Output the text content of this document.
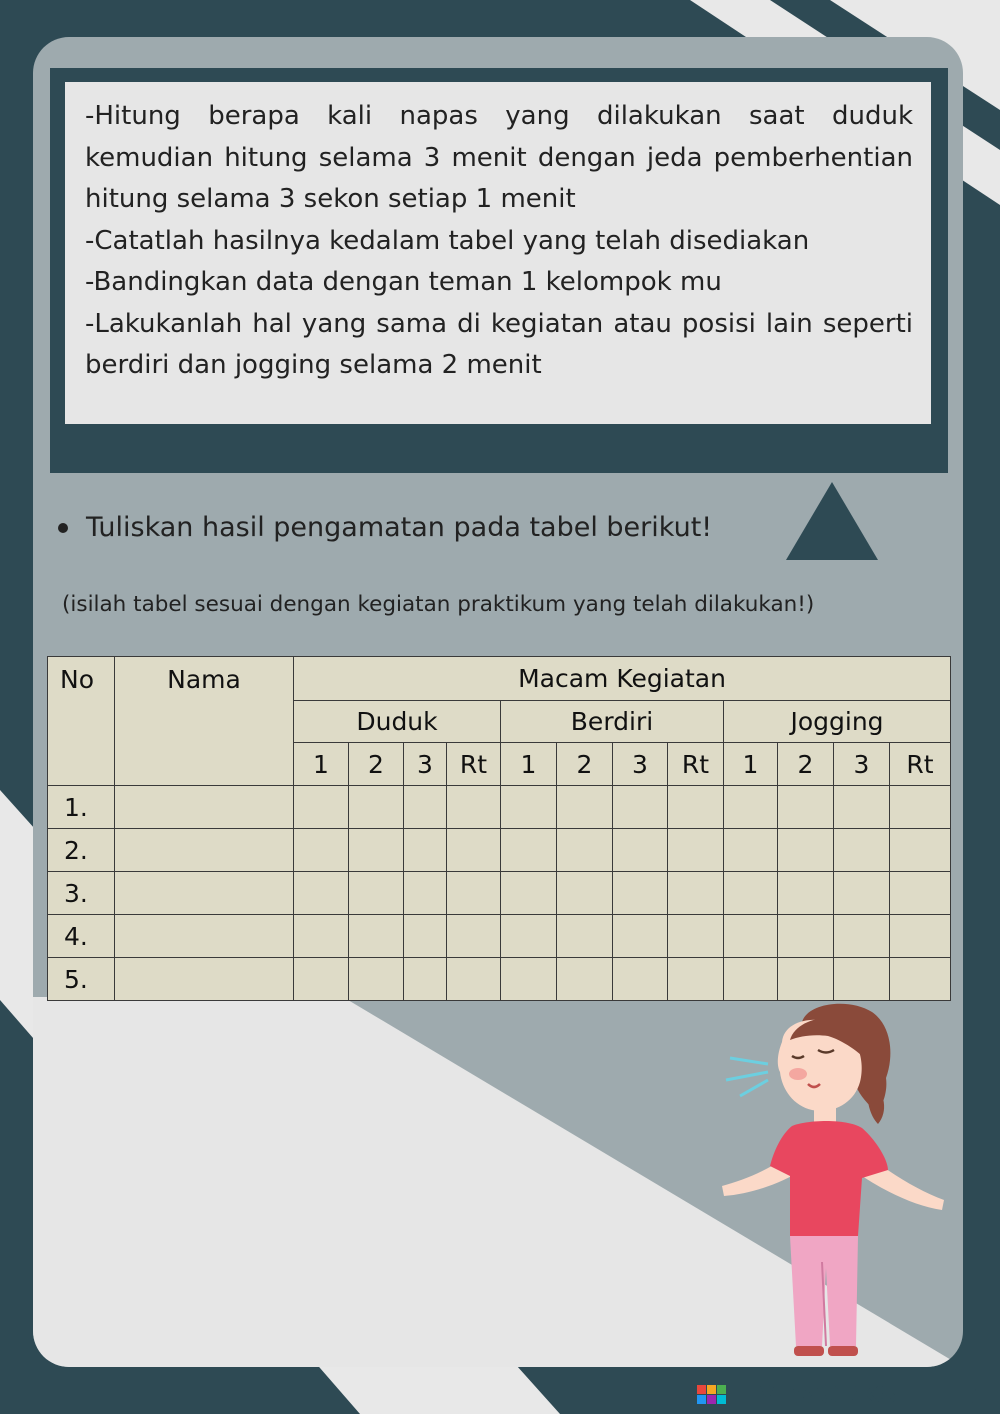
-Hitung berapa kali napas yang dilakukan saat duduk kemudian hitung selama 3 menit dengan jeda pemberhentian hitung selama 3 sekon setiap 1 menit

-Catatlah hasilnya kedalam tabel yang telah disediakan

-Bandingkan data dengan teman 1 kelompok mu

-Lakukanlah hal yang sama di kegiatan atau posisi lain seperti berdiri dan jogging selama 2 menit

Tuliskan hasil pengamatan pada tabel berikut!
(isilah tabel sesuai dengan kegiatan praktikum yang telah dilakukan!)
No	Nama	Macam Kegiatan											
		Duduk				Berdiri				Jogging			
		1	2	3	Rt	1	2	3	Rt	1	2	3	Rt
1.													
2.													
3.													
4.													
5.													
LIVEWORKSHEETS
